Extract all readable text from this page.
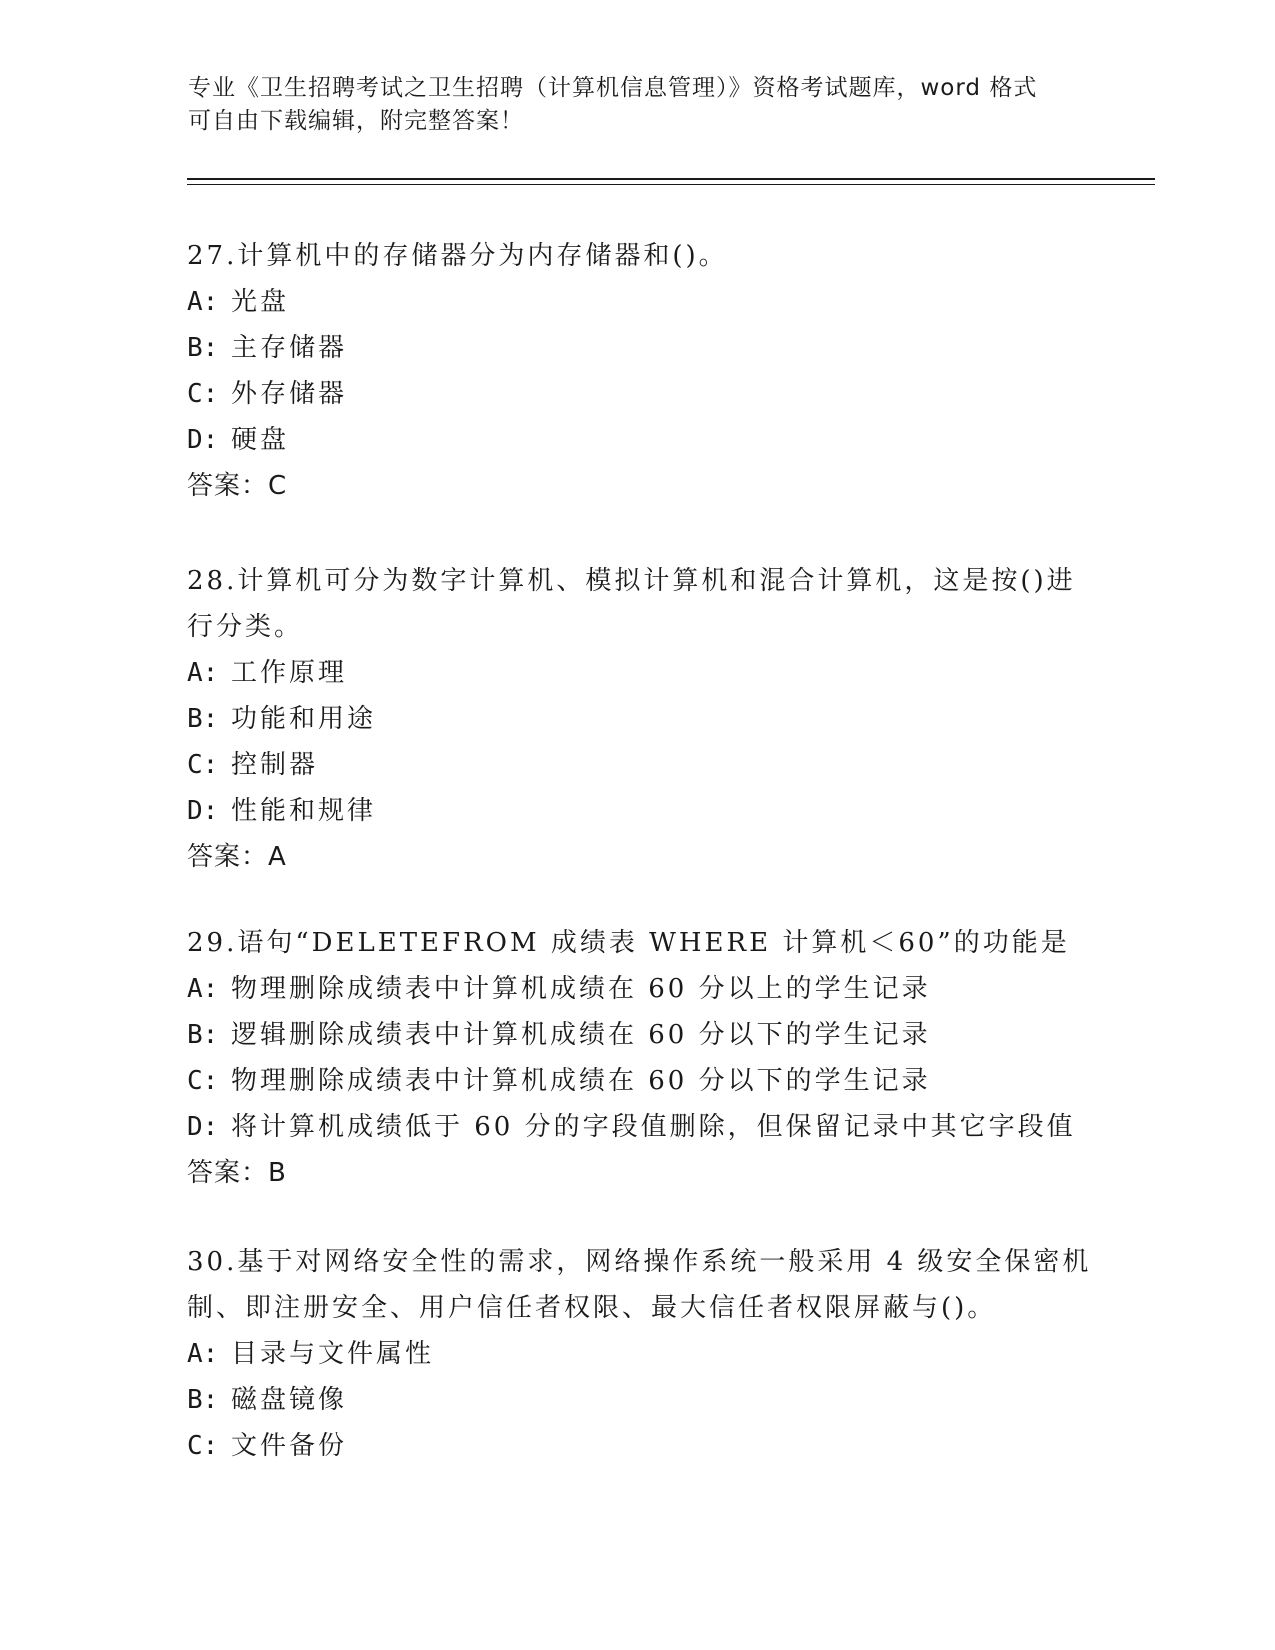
专业《卫生招聘考试之卫生招聘（计算机信息管理）》资格考试题库，word 格式
可自由下载编辑，附完整答案！
27.计算机中的存储器分为内存储器和()。
A: 光盘
B: 主存储器
C: 外存储器
D: 硬盘
答案：C
28.计算机可分为数字计算机、模拟计算机和混合计算机，这是按()进
行分类。
A: 工作原理
B: 功能和用途
C: 控制器
D: 性能和规律
答案：A
29.语句“DELETEFROM 成绩表 WHERE 计算机＜60”的功能是
A: 物理删除成绩表中计算机成绩在 60 分以上的学生记录
B: 逻辑删除成绩表中计算机成绩在 60 分以下的学生记录
C: 物理删除成绩表中计算机成绩在 60 分以下的学生记录
D: 将计算机成绩低于 60 分的字段值删除，但保留记录中其它字段值
答案：B
30.基于对网络安全性的需求，网络操作系统一般采用 4 级安全保密机
制、即注册安全、用户信任者权限、最大信任者权限屏蔽与()。
A: 目录与文件属性
B: 磁盘镜像
C: 文件备份
